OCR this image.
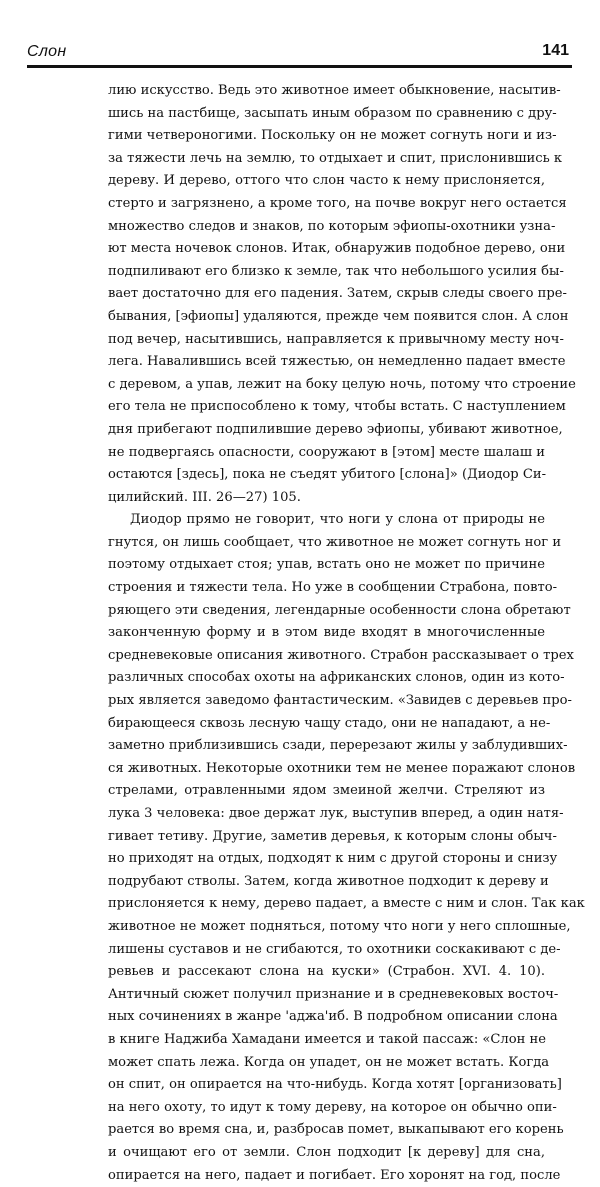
Слон	141
лию искусство. Ведь это животное имеет обыкновение, насытив-
шись на пастбище, засыпать иным образом по сравнению с дру-
гими четвероногими. Поскольку он не может согнуть ноги и из-
за тяжести лечь на землю, то отдыхает и спит, прислонившись к
дереву. И дерево, оттого что слон часто к нему прислоняется,
стерто и загрязнено, а кроме того, на почве вокруг него остается
множество следов и знаков, по которым эфиопы-охотники узна-
ют места ночевок слонов. Итак, обнаружив подобное дерево, они
подпиливают его близко к земле, так что небольшого усилия бы-
вает достаточно для его падения. Затем, скрыв следы своего пре-
бывания, [эфиопы] удаляются, прежде чем появится слон. А слон
под вечер, насытившись, направляется к привычному месту ноч-
лега. Навалившись всей тяжестью, он немедленно падает вместе
с деревом, а упав, лежит на боку целую ночь, потому что строение
его тела не приспособлено к тому, чтобы встать. С наступлением
дня прибегают подпилившие дерево эфиопы, убивают животное,
не подвергаясь опасности, сооружают в [этом] месте шалаш и
остаются [здесь], пока не съедят убитого [слона]» (Диодор Си-
цилийский. III. 26—27) 105.
Диодор прямо не говорит, что ноги у слона от природы не
гнутся, он лишь сообщает, что животное не может согнуть ног и
поэтому отдыхает стоя; упав, встать оно не может по причине
строения и тяжести тела. Но уже в сообщении Страбона, повто-
ряющего эти сведения, легендарные особенности слона обретают
законченную форму и в этом виде входят в многочисленные
средневековые описания животного. Страбон рассказывает о трех
различных способах охоты на африканских слонов, один из кото-
рых является заведомо фантастическим. «Завидев с деревьев про-
бирающееся сквозь лесную чащу стадо, они не нападают, а не-
заметно приблизившись сзади, перерезают жилы у заблудивших-
ся животных. Некоторые охотники тем не менее поражают слонов
стрелами, отравленными ядом змеиной желчи. Стреляют из
лука 3 человека: двое держат лук, выступив вперед, а один натя-
гивает тетиву. Другие, заметив деревья, к которым слоны обыч-
но приходят на отдых, подходят к ним с другой стороны и снизу
подрубают стволы. Затем, когда животное подходит к дереву и
прислоняется к нему, дерево падает, а вместе с ним и слон. Так как
животное не может подняться, потому что ноги у него сплошные,
лишены суставов и не сгибаются, то охотники соскакивают с де-
ревьев и рассекают слона на куски» (Страбон. XVI. 4. 10).
Античный сюжет получил признание и в средневековых восточ-
ных сочинениях в жанре 'аджа'иб. В подробном описании слона
в книге Наджиба Хамадани имеется и такой пассаж: «Слон не
может спать лежа. Когда он упадет, он не может встать. Когда
он спит, он опирается на что-нибудь. Когда хотят [организовать]
на него охоту, то идут к тому дереву, на которое он обычно опи-
рается во время сна, и, разбросав помет, выкапывают его корень
и очищают его от земли. Слон подходит [к дереву] для сна,
опирается на него, падает и погибает. Его хоронят на год, после
